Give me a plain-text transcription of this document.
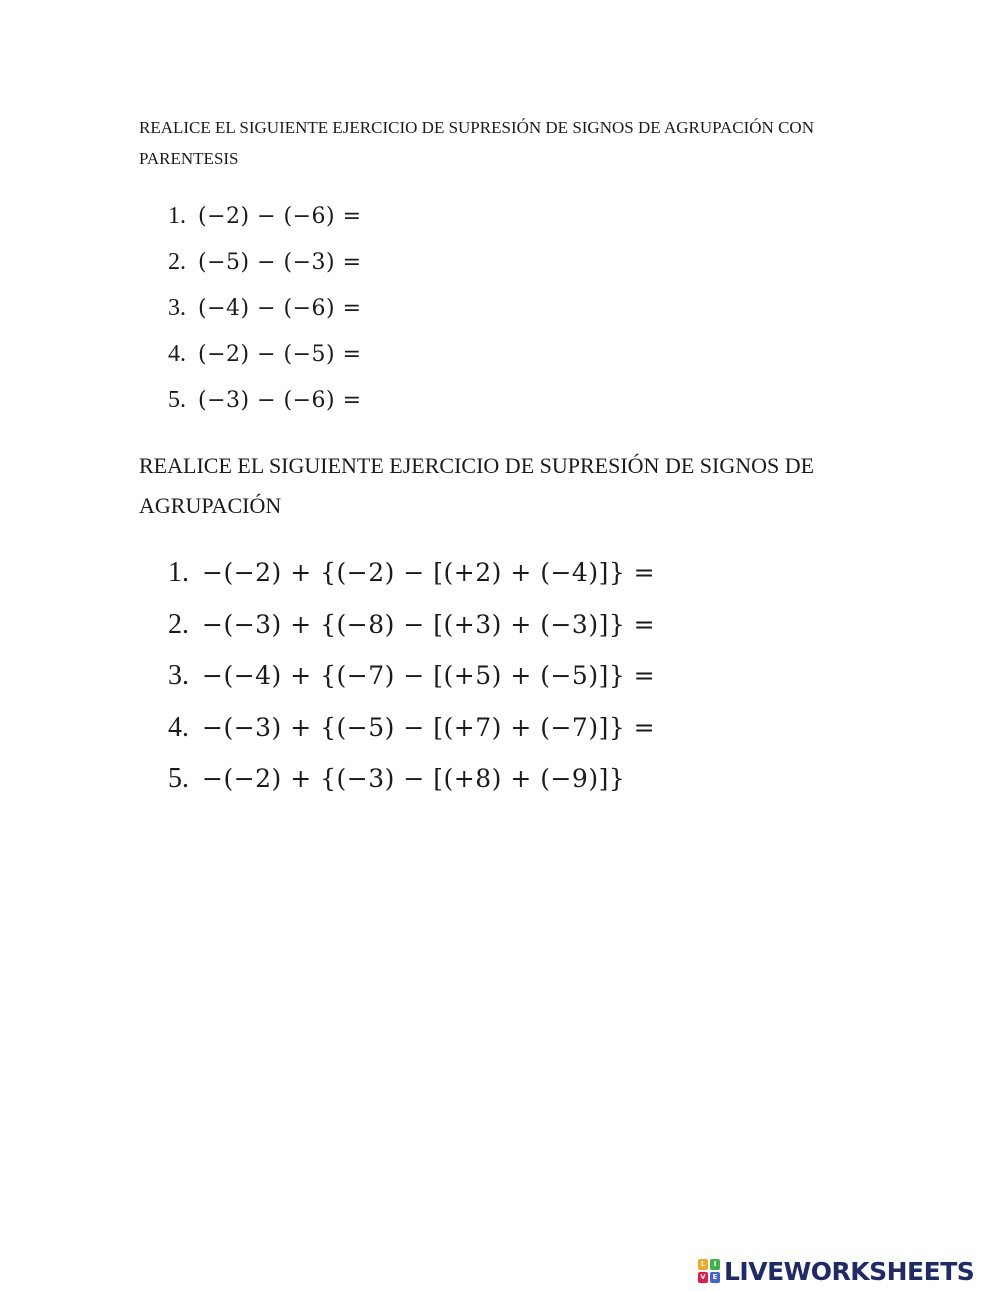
REALICE EL SIGUIENTE EJERCICIO DE SUPRESIÓN DE SIGNOS DE AGRUPACIÓN CON PARENTESIS
1. (−2) − (−6) =
2. (−5) − (−3) =
3. (−4) − (−6) =
4. (−2) − (−5) =
5. (−3) − (−6) =
REALICE EL SIGUIENTE EJERCICIO DE SUPRESIÓN DE SIGNOS DE AGRUPACIÓN
1. −(−2) + {(−2) − [(+2) + (−4)]} =
2. −(−3) + {(−8) − [(+3) + (−3)]} =
3. −(−4) + {(−7) − [(+5) + (−5)]} =
4. −(−3) + {(−5) − [(+7) + (−7)]} =
5. −(−2) + {(−3) − [(+8) + (−9)]}
L	I
V E LIVEWORKSHEETS
